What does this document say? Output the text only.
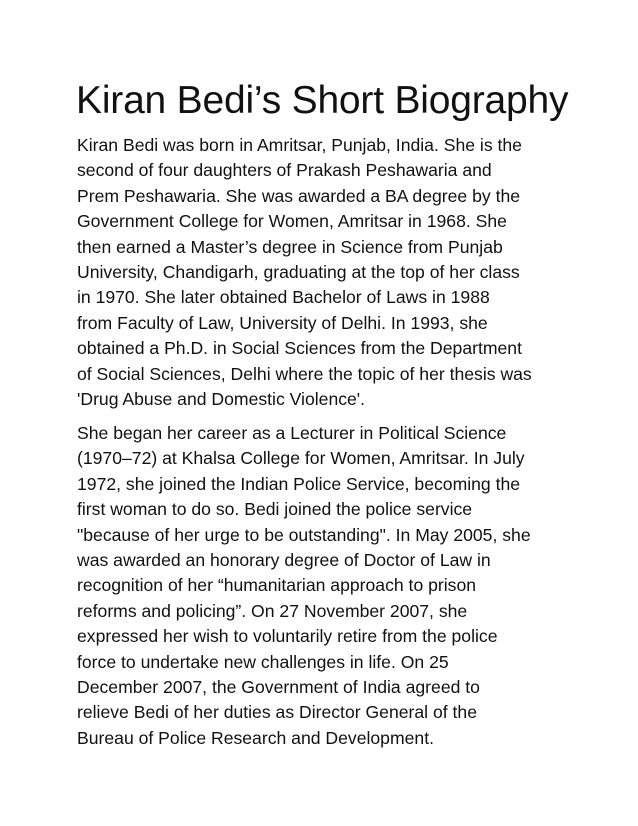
Kiran Bedi’s Short Biography

Kiran Bedi was born in Amritsar, Punjab, India. She is the
second of four daughters of Prakash Peshawaria and
Prem Peshawaria. She was awarded a BA degree by the
Government College for Women, Amritsar in 1968. She
then earned a Master’s degree in Science from Punjab
University, Chandigarh, graduating at the top of her class
in 1970. She later obtained Bachelor of Laws in 1988
from Faculty of Law, University of Delhi. In 1993, she
obtained a Ph.D. in Social Sciences from the Department
of Social Sciences, Delhi where the topic of her thesis was
'Drug Abuse and Domestic Violence'.

She began her career as a Lecturer in Political Science
(1970–72) at Khalsa College for Women, Amritsar. In July
1972, she joined the Indian Police Service, becoming the
first woman to do so. Bedi joined the police service
"because of her urge to be outstanding". In May 2005, she
was awarded an honorary degree of Doctor of Law in
recognition of her “humanitarian approach to prison
reforms and policing”. On 27 November 2007, she
expressed her wish to voluntarily retire from the police
force to undertake new challenges in life. On 25
December 2007, the Government of India agreed to
relieve Bedi of her duties as Director General of the
Bureau of Police Research and Development.
